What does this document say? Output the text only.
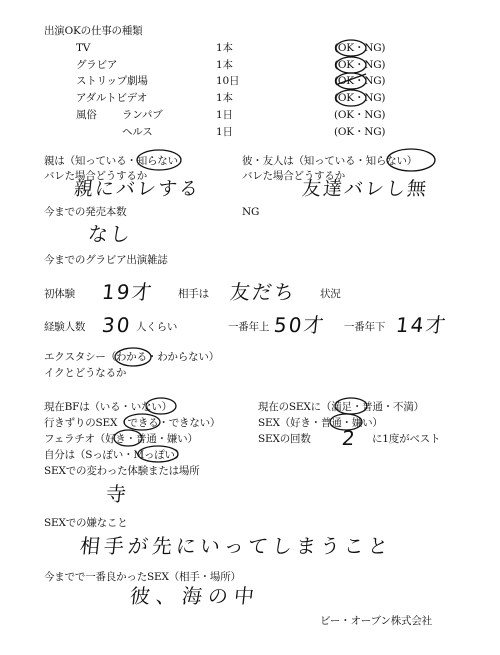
出演OKの仕事の種類
TV	1本	(OK・NG)
グラビア	1本	(OK・NG)
ストリップ劇場	10日	(OK・NG)
アダルトビデオ	1本	(OK・NG)
風俗 ランパブ	1日	(OK・NG)
ヘルス	1日	(OK・NG)
親は（知っている・知らない）
バレた場合どうするか
親にバレする
彼・友人は（知っている・知らない）
バレた場合どうするか
友達バレし無
今までの発売本数	NG
なし
今までのグラビア出演雑誌
初体験 19才 相手は 友だち 状況
経験人数 30 人くらい	一番年上 50才 一番年下 14才
エクスタシー（わかる・わからない）
イクとどうなるか
現在BFは（いる・いない）	現在のSEXに（満足・普通・不満）
行きずりのSEX（できる・できない）	SEX（好き・普通・嫌い）
フェラチオ（好き・普通・嫌い）	SEXの回数 2 に1度がベスト
自分は（Sっぽい・Mっぽい）
SEXでの変わった体験または場所
寺
SEXでの嫌なこと
相手が先にいってしまうこと
今までで一番良かったSEX（相手・場所）
彼、海の中
ビー・オーブン株式会社
